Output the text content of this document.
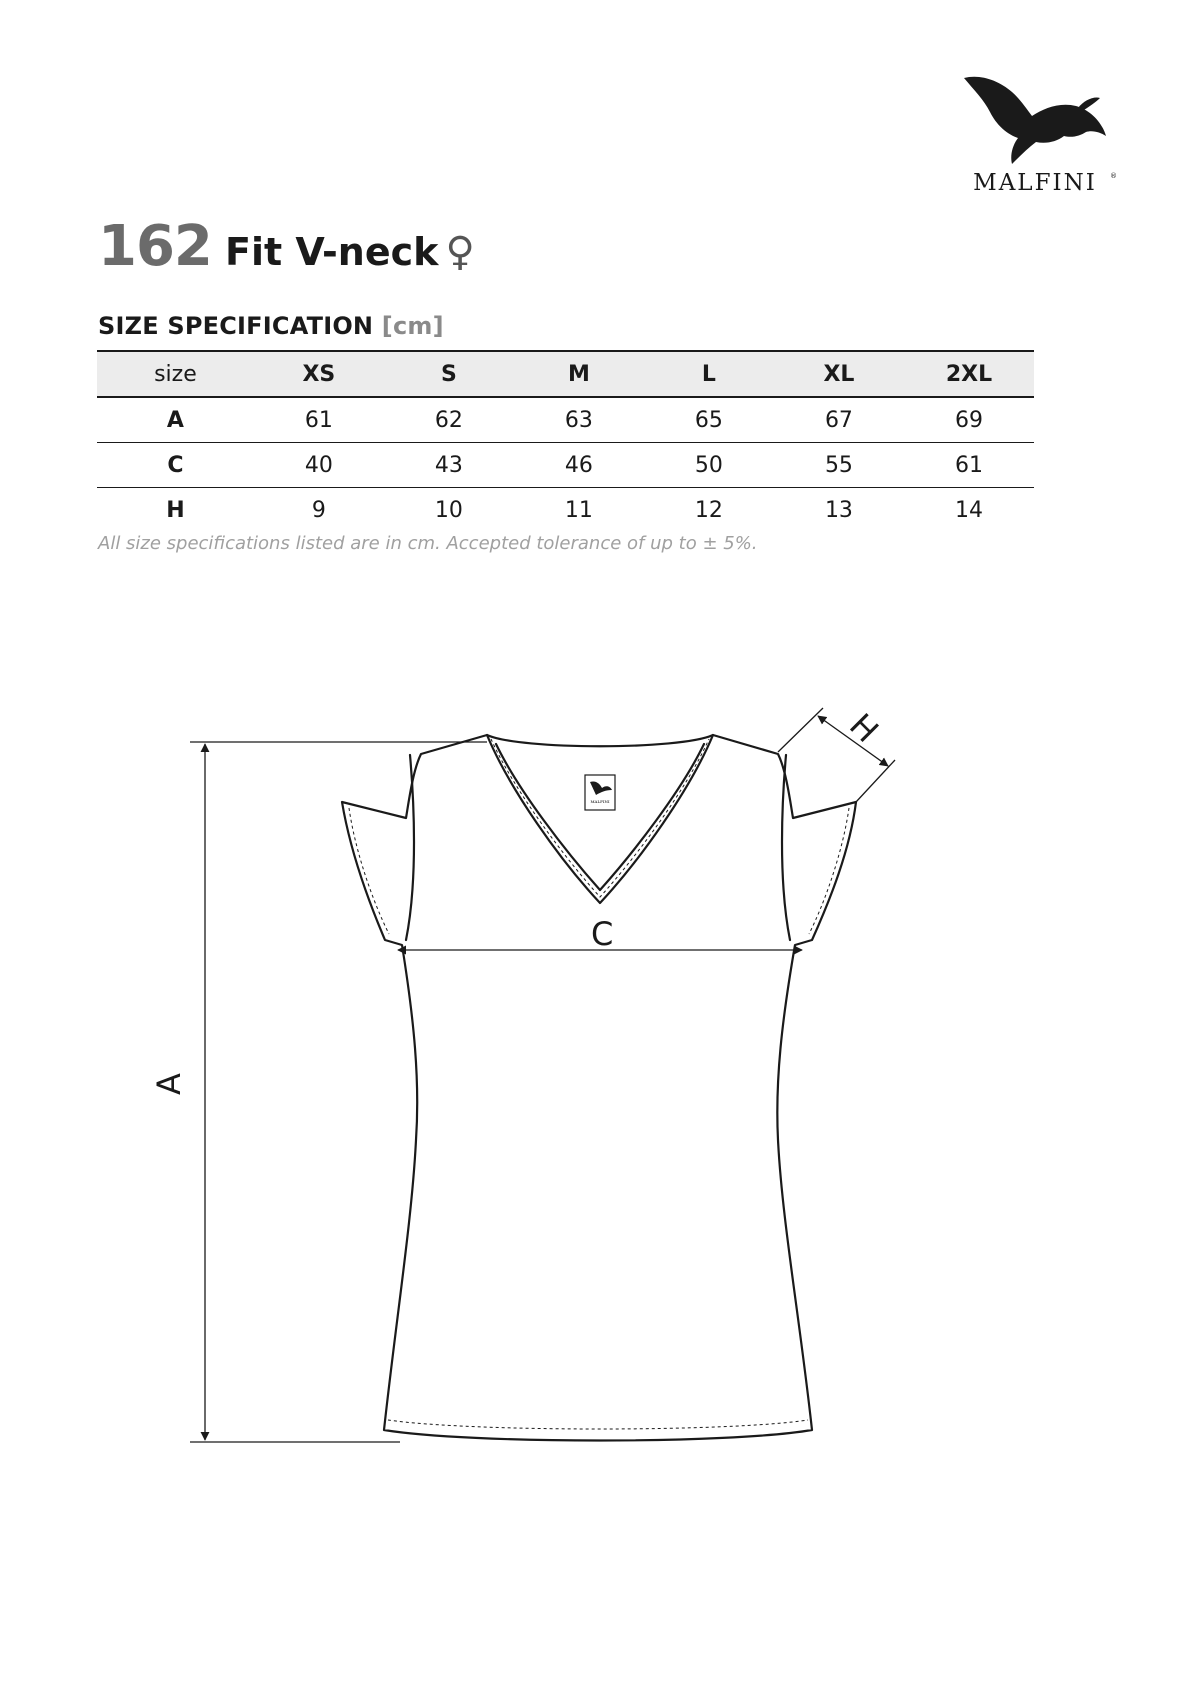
MALFINI	®
162 Fit V-neck ♀
SIZE SPECIFICATION [cm]
size	XS	S	M	L	XL	2XL
A	61	62	63	65	67	69
C	40	43	46	50	55	61
H	9	10	11	12	13	14
All size specifications listed are in cm. Accepted tolerance of up to ± 5%.
MALFINI
A
C
H
